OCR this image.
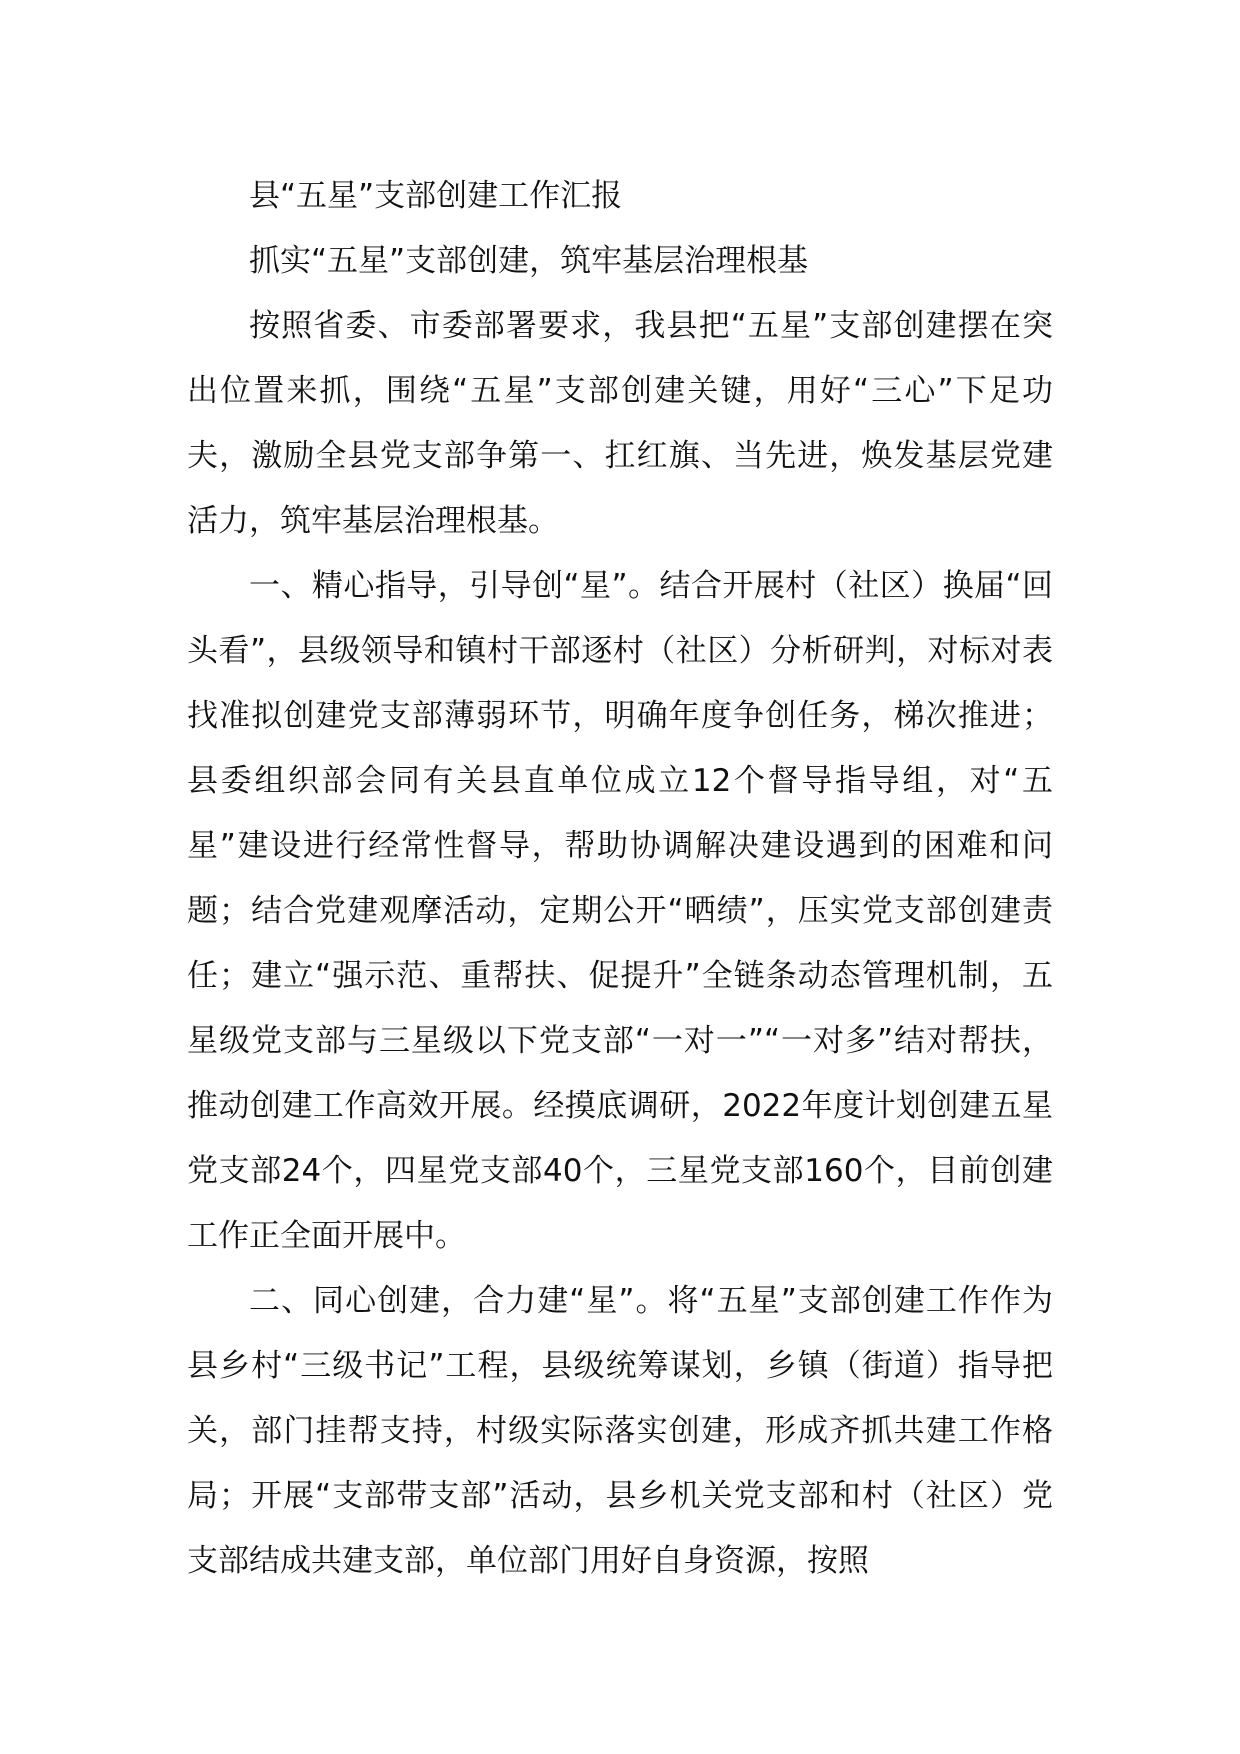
县“五星”支部创建工作汇报

抓实“五星”支部创建，筑牢基层治理根基

按照省委、市委部署要求，我县把“五星”支部创建摆在突出位置来抓，围绕“五星”支部创建关键，用好“三心”下足功夫，激励全县党支部争第一、扛红旗、当先进，焕发基层党建活力，筑牢基层治理根基。

一、精心指导，引导创“星”。结合开展村（社区）换届“回头看”，县级领导和镇村干部逐村（社区）分析研判，对标对表找准拟创建党支部薄弱环节，明确年度争创任务，梯次推进；县委组织部会同有关县直单位成立12个督导指导组，对“五星”建设进行经常性督导，帮助协调解决建设遇到的困难和问题；结合党建观摩活动，定期公开“晒绩”，压实党支部创建责任；建立“强示范、重帮扶、促提升”全链条动态管理机制，五星级党支部与三星级以下党支部“一对一”“一对多”结对帮扶，推动创建工作高效开展。经摸底调研，2022年度计划创建五星党支部24个，四星党支部40个，三星党支部160个，目前创建工作正全面开展中。

二、同心创建，合力建“星”。将“五星”支部创建工作作为县乡村“三级书记”工程，县级统筹谋划，乡镇（街道）指导把关，部门挂帮支持，村级实际落实创建，形成齐抓共建工作格局；开展“支部带支部”活动，县乡机关党支部和村（社区）党支部结成共建支部，单位部门用好自身资源，按照
